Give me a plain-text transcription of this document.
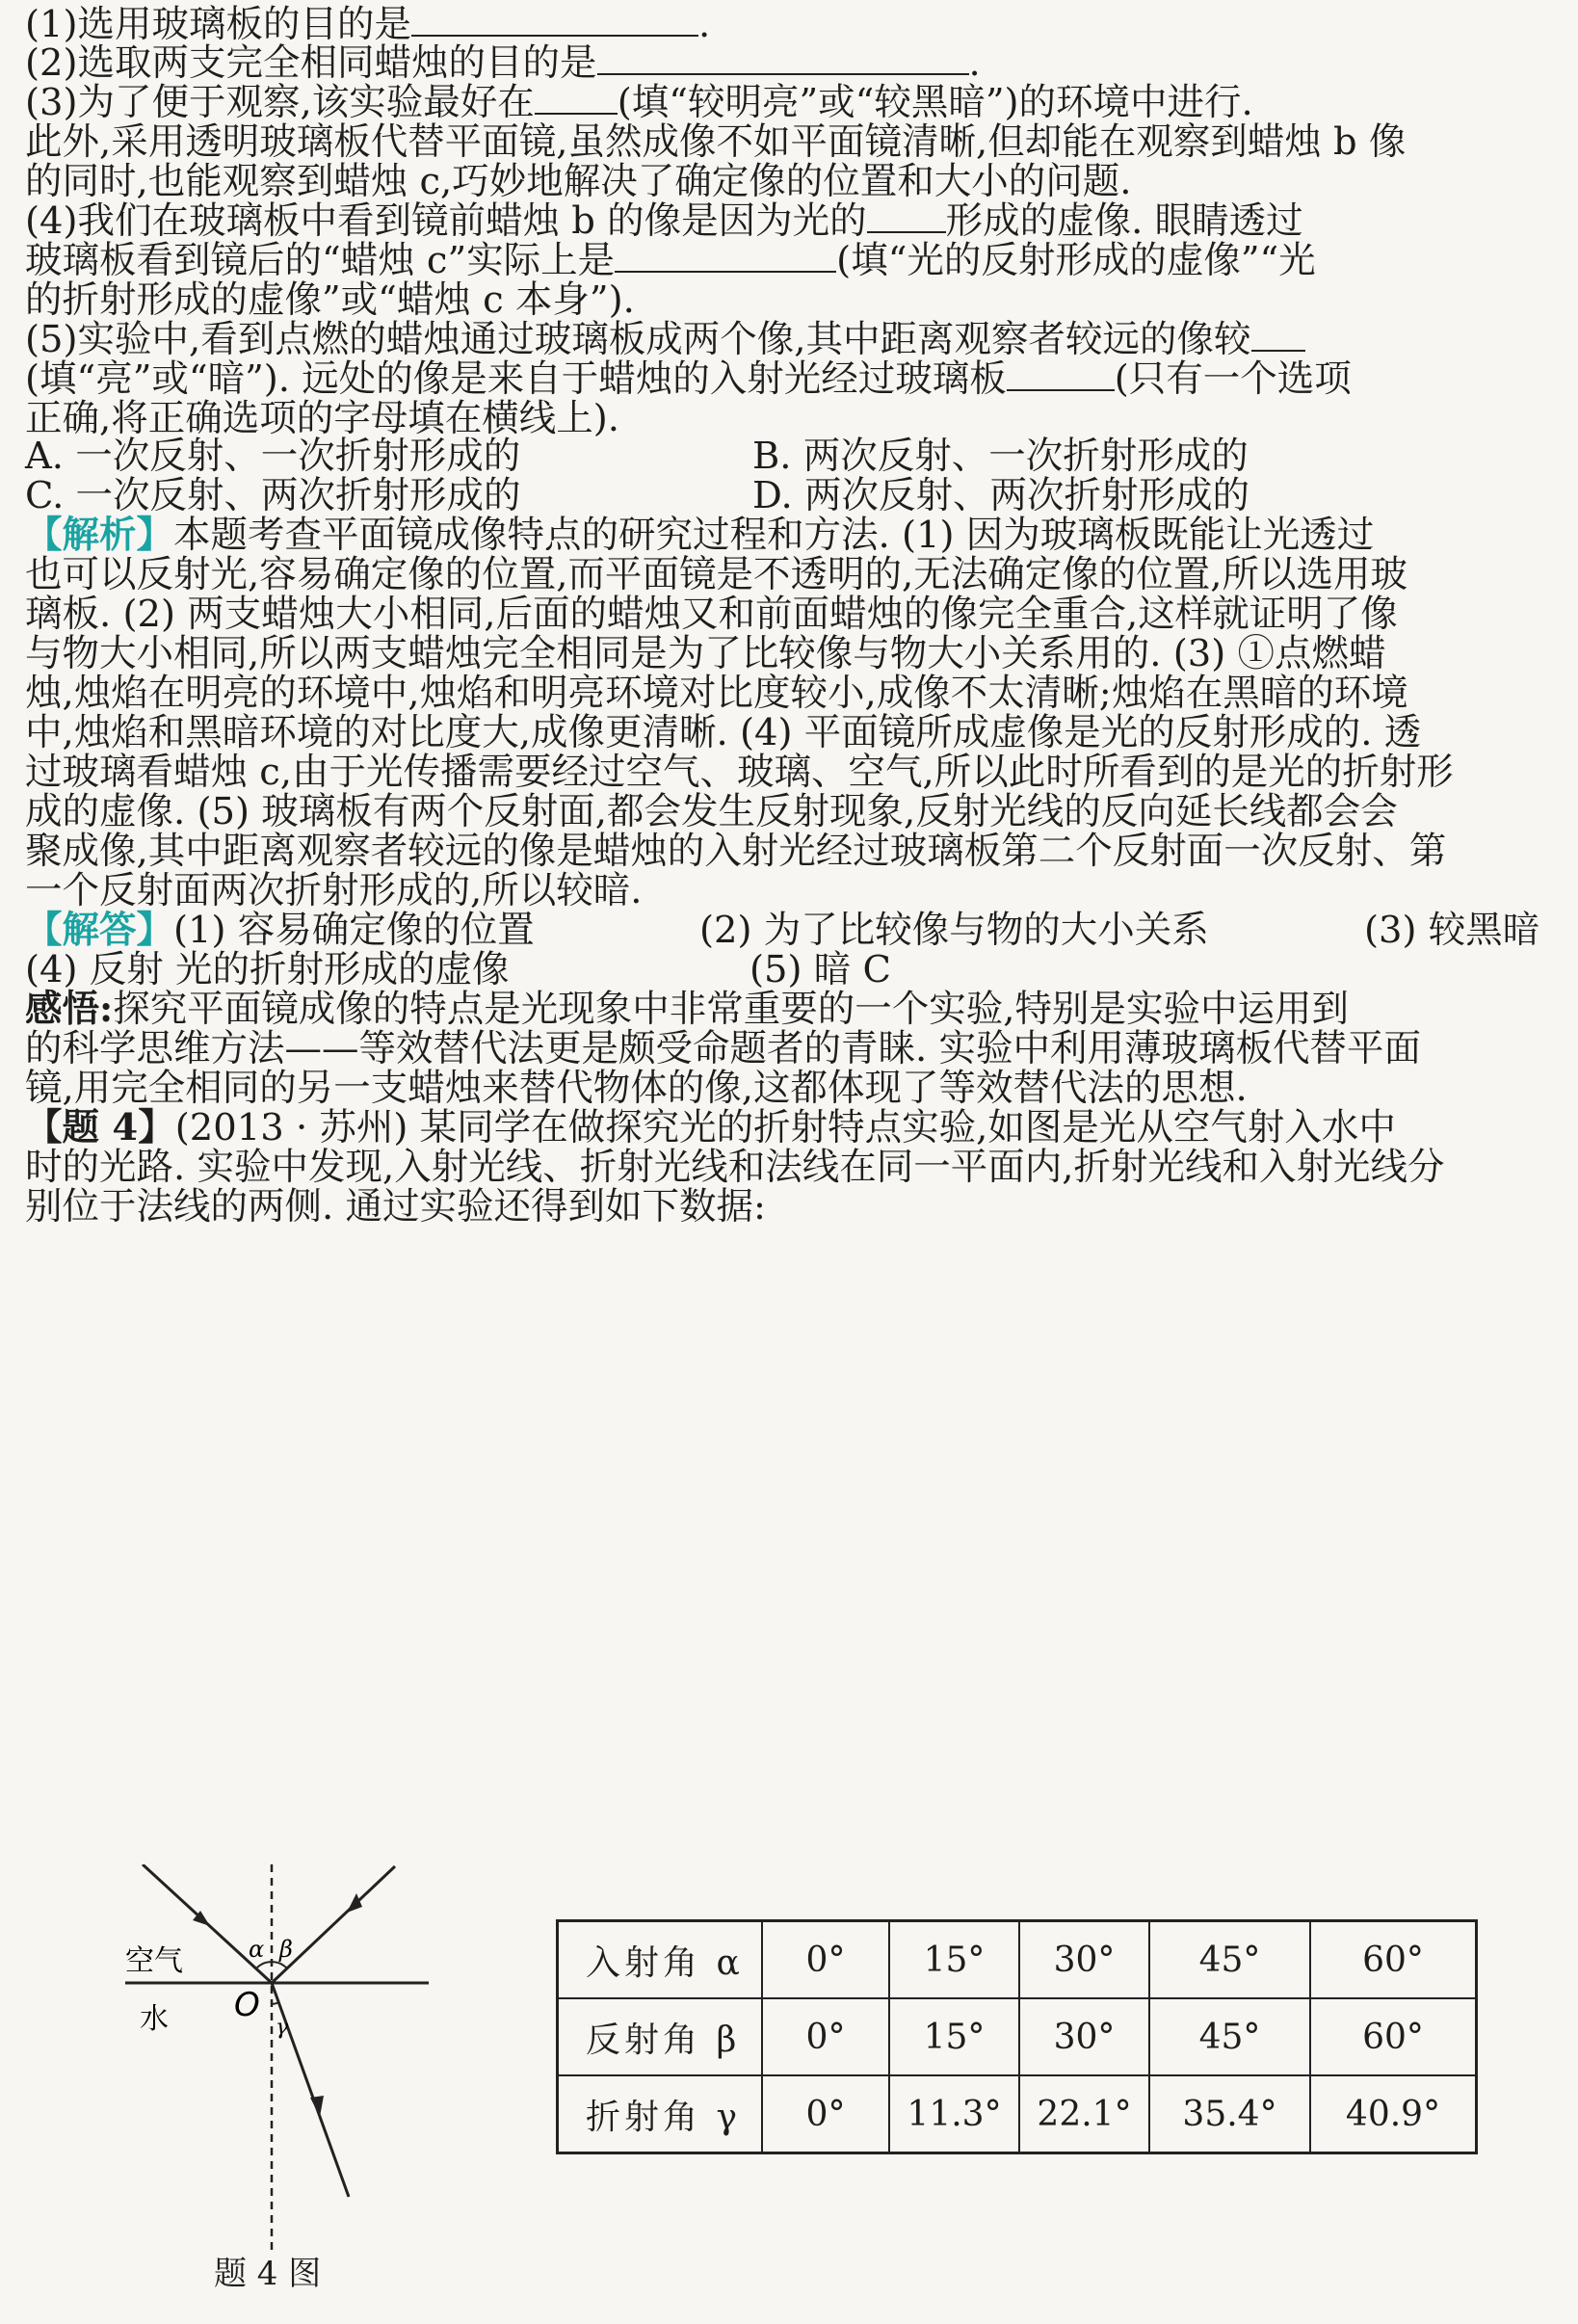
(1)选用玻璃板的目的是	.
(2)选取两支完全相同蜡烛的目的是	.
(3)为了便于观察,该实验最好在 (填“较明亮”或“较黑暗”)的环境中进行.
此外,采用透明玻璃板代替平面镜,虽然成像不如平面镜清晰,但却能在观察到蜡烛 b 像
的同时,也能观察到蜡烛 c,巧妙地解决了确定像的位置和大小的问题.
(4)我们在玻璃板中看到镜前蜡烛 b 的像是因为光的 形成的虚像. 眼睛透过
玻璃板看到镜后的“蜡烛 c”实际上是	(填“光的反射形成的虚像”“光
的折射形成的虚像”或“蜡烛 c 本身”).
(5)实验中,看到点燃的蜡烛通过玻璃板成两个像,其中距离观察者较远的像较
(填“亮”或“暗”). 远处的像是来自于蜡烛的入射光经过玻璃板	(只有一个选项
正确,将正确选项的字母填在横线上).
A. 一次反射、一次折射形成的	B. 两次反射、一次折射形成的
C. 一次反射、两次折射形成的	D. 两次反射、两次折射形成的
【解析】本题考查平面镜成像特点的研究过程和方法. (1) 因为玻璃板既能让光透过
也可以反射光,容易确定像的位置,而平面镜是不透明的,无法确定像的位置,所以选用玻
璃板. (2) 两支蜡烛大小相同,后面的蜡烛又和前面蜡烛的像完全重合,这样就证明了像
与物大小相同,所以两支蜡烛完全相同是为了比较像与物大小关系用的. (3) ①点燃蜡
烛,烛焰在明亮的环境中,烛焰和明亮环境对比度较小,成像不太清晰;烛焰在黑暗的环境
中,烛焰和黑暗环境的对比度大,成像更清晰. (4) 平面镜所成虚像是光的反射形成的. 透
过玻璃看蜡烛 c,由于光传播需要经过空气、玻璃、空气,所以此时所看到的是光的折射形
成的虚像. (5) 玻璃板有两个反射面,都会发生反射现象,反射光线的反向延长线都会会
聚成像,其中距离观察者较远的像是蜡烛的入射光经过玻璃板第二个反射面一次反射、第
一个反射面两次折射形成的,所以较暗.
【解答】(1) 容易确定像的位置	(2) 为了比较像与物的大小关系	(3) 较黑暗
(4) 反射 光的折射形成的虚像	(5) 暗 C
感悟:探究平面镜成像的特点是光现象中非常重要的一个实验,特别是实验中运用到
的科学思维方法——等效替代法更是颇受命题者的青睐. 实验中利用薄玻璃板代替平面
镜,用完全相同的另一支蜡烛来替代物体的像,这都体现了等效替代法的思想.
【题 4】(2013 · 苏州) 某同学在做探究光的折射特点实验,如图是光从空气射入水中
时的光路. 实验中发现,入射光线、折射光线和法线在同一平面内,折射光线和入射光线分
别位于法线的两侧. 通过实验还得到如下数据:
α β
γ
O
空气
水
题 4 图
入射角 α	0°	15°	30°	45°	60°
反射角 β	0°	15°	30°	45°	60°
折射角 γ	0°	11.3°	22.1°	35.4°	40.9°
